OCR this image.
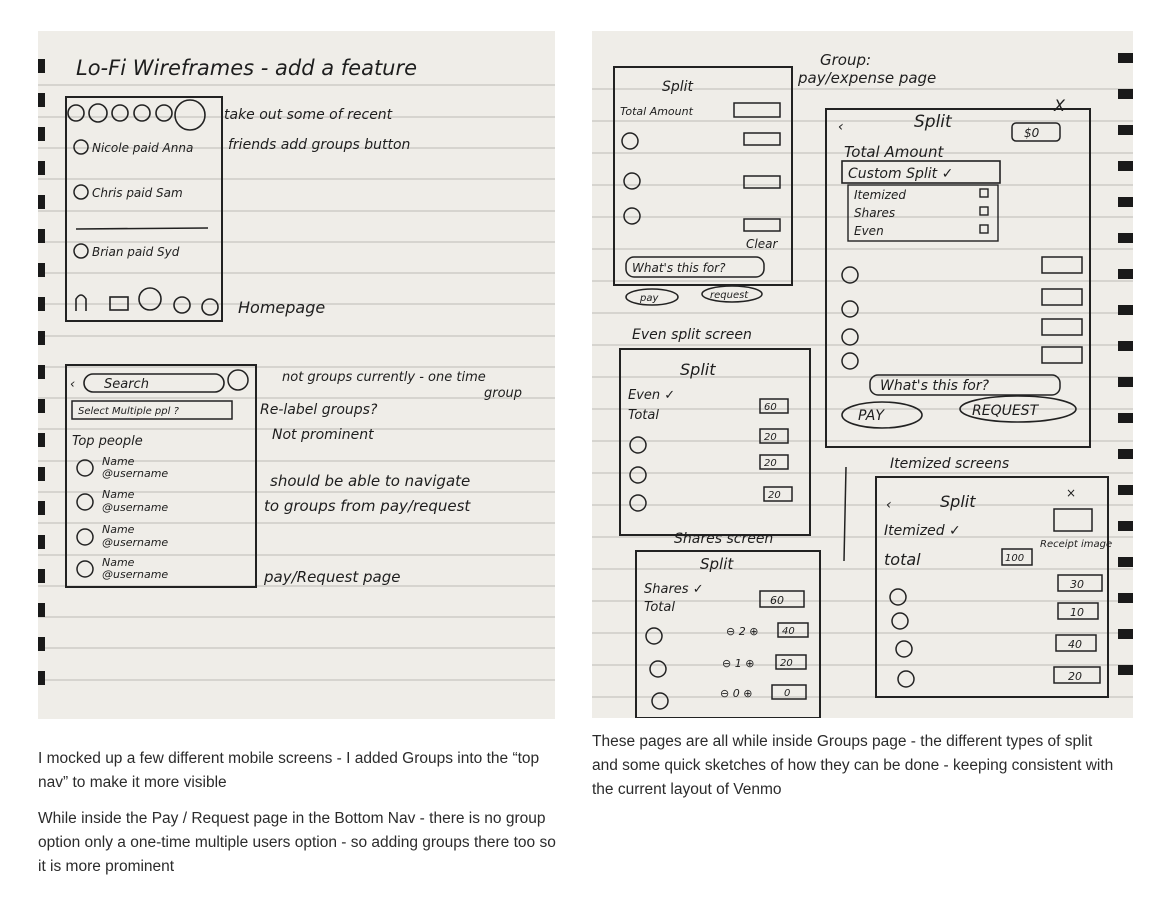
Lo-Fi Wireframes - add a feature
Nicole paid Anna
Chris paid Sam
Brian paid Syd
take out some of recent
friends add groups button
Homepage
Search
‹
Select Multiple ppl ?
Top people
Name
@username
Name
@username
Name
@username
Name
@username
not groups currently - one time
group
Re-label groups?
Not prominent
should be able to navigate
to groups from pay/request
pay/Request page
Group:
pay/expense page
Split
Total Amount
Clear
What's this for?
pay	request
X
‹	Split
Total Amount
$0
Custom Split ✓
Itemized
Shares
Even
What's this for?
PAY	REQUEST
Even split screen
Split
Even ✓
Total
60
20
20
20
Shares screen
Split
Shares ✓
Total	60
⊖ 2 ⊕ 40
⊖ 1 ⊕	20
⊖ 0 ⊕	0
Itemized screens
‹	Split	×
Itemized ✓
Receipt image
total	100
30
10
40
20
I mocked up a few different mobile screens - I added Groups into the “top nav” to make it more visible
While inside the Pay / Request page in the Bottom Nav - there is no group option only a one-time multiple users option - so adding groups there too so it is more prominent
These pages are all while inside Groups page - the different types of split and some quick sketches of how they can be done - keeping consistent with the current layout of Venmo
